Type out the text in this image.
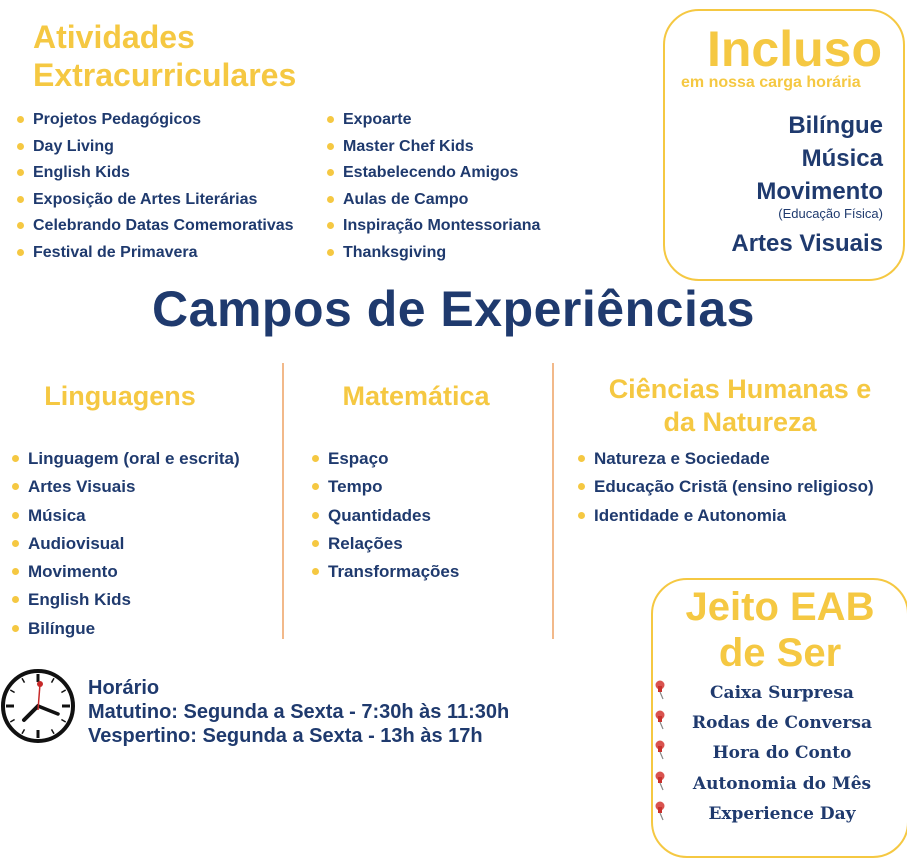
Atividades
Extracurriculares
Projetos Pedagógicos
Day Living
English Kids
Exposição de Artes Literárias
Celebrando Datas Comemorativas
Festival de Primavera
Expoarte
Master Chef Kids
Estabelecendo Amigos
Aulas de Campo
Inspiração Montessoriana
Thanksgiving
Incluso
em nossa carga horária
Bilíngue
Música
Movimento
(Educação Física)
Artes Visuais
Campos de Experiências
Linguagens
Linguagem (oral e escrita)
Artes Visuais
Música
Audiovisual
Movimento
English Kids
Bilíngue
Matemática
Espaço
Tempo
Quantidades
Relações
Transformações
Ciências Humanas e
da Natureza
Natureza e Sociedade
Educação Cristã (ensino religioso)
Identidade e Autonomia
Horário
Matutino: Segunda a Sexta - 7:30h às 11:30h
Vespertino: Segunda a Sexta - 13h às 17h
Jeito EAB
de Ser
Caixa Surpresa
Rodas de Conversa
Hora do Conto
Autonomia do Mês
Experience Day
